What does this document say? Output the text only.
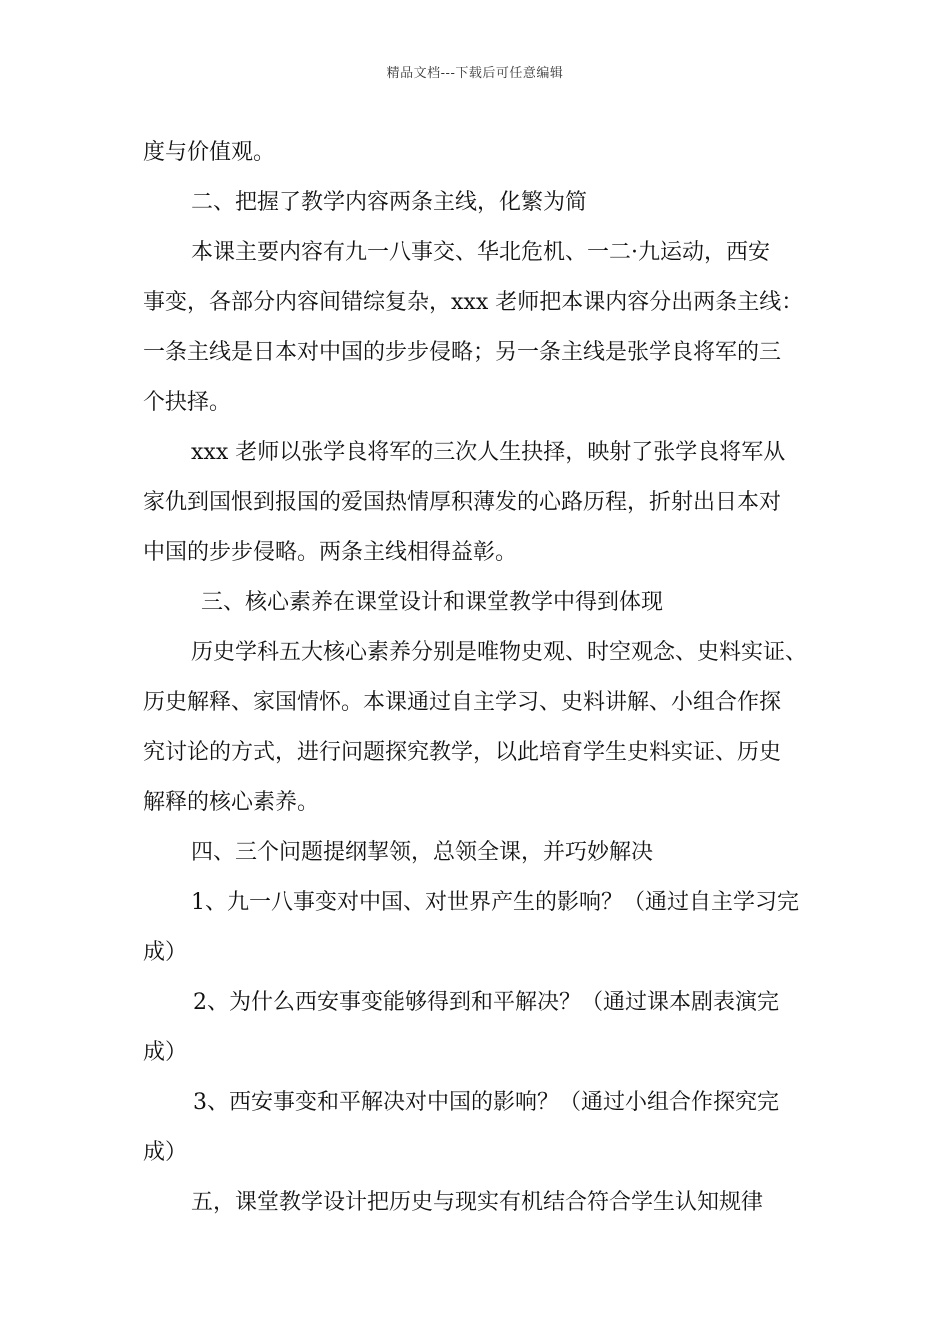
精品文档---下载后可任意编辑

度与价值观。

二、把握了教学内容两条主线，化繁为简

本课主要内容有九一八事交、华北危机、一二·九运动，西安

事变，各部分内容间错综复杂，xxx 老师把本课内容分出两条主线：

一条主线是日本对中国的步步侵略；另一条主线是张学良将军的三

个抉择。

xxx 老师以张学良将军的三次人生抉择，映射了张学良将军从

家仇到国恨到报国的爱国热情厚积薄发的心路历程，折射出日本对

中国的步步侵略。两条主线相得益彰。

三、核心素养在课堂设计和课堂教学中得到体现

历史学科五大核心素养分别是唯物史观、时空观念、史料实证、

历史解释、家国情怀。本课通过自主学习、史料讲解、小组合作探

究讨论的方式，进行问题探究教学，以此培育学生史料实证、历史

解释的核心素养。

四、三个问题提纲挈领，总领全课，并巧妙解决

1、九一八事变对中国、对世界产生的影响？（通过自主学习完

成）

2、为什么西安事变能够得到和平解决？（通过课本剧表演完

成）

3、西安事变和平解决对中国的影响？（通过小组合作探究完

成）

五，课堂教学设计把历史与现实有机结合符合学生认知规律
